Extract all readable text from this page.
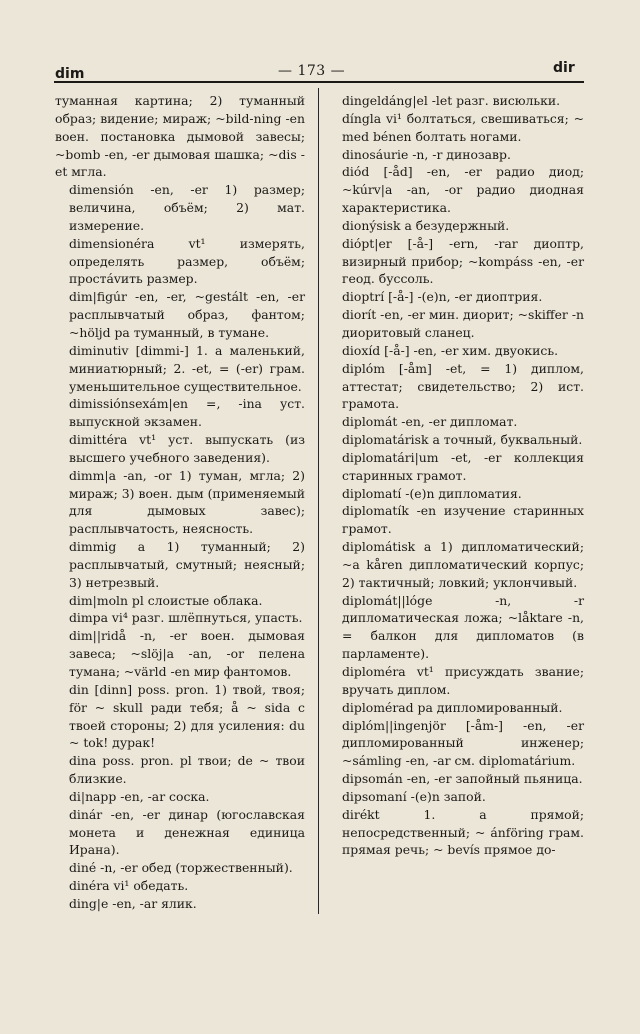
dim	— 173 —	dir
туманная картина; 2) туманный образ; видение; мираж; ~bild-ning -en воен. постановка дымовой завесы; ~bomb -en, -er дымовая шашка; ~dis -et мгла.
dimensión -en, -er 1) размер; величина, объём; 2) мат. измерение.
dimensionéra vt¹ измерять, определять размер, объём; простávить размер.
dim|figúr -en, -er, ~gestált -en, -er расплывчатый образ, фантом; ~höljd pa туманный, в тумане.
diminutiv [dimmi-] 1. a маленький, миниатюрный; 2. -et, = (-er) грам. уменьшительное существительное.
dimissiónsexám|en =, -ina уст. выпускной экзамен.
dimittéra vt¹ уст. выпускать (из высшего учебного заведения).
dimm|a -an, -or 1) туман, мгла; 2) мираж; 3) воен. дым (применяемый для дымовых завес); расплывчатость, неясность.
dimmig a 1) туманный; 2) расплывчатый, смутный; неясный; 3) нетрезвый.
dim|moln pl слоистые облака.
dimpa vi⁴ разг. шлёпнуться, упасть.
dim||ridå -n, -er воен. дымовая завеса; ~slöj|a -an, -or пелена тумана; ~värld -en мир фантомов.
din [dinn] poss. pron. 1) твой, твоя; för ~ skull ради тебя; å ~ sida с твоей стороны; 2) для усиления: du ~ tok! дурак!
dina poss. pron. pl твои; de ~ твои близкие.
di|napp -en, -ar соска.
dinár -en, -er динар (югославская монета и денежная единица Ирана).
diné -n, -er обед (торжественный).
dinéra vi¹ обедать.
ding|e -en, -ar ялик.
dingeldáng|el -let разг. висюльки.
díngla vi¹ болтаться, свешиваться; ~ med bénen болтать ногами.
dinosáurie -n, -r динозавр.
diód [-åd] -en, -er радио диод; ~kúrv|a -an, -or радио диодная характеристика.
dionýsisk a безудержный.
diópt|er [-å-] -ern, -rar диоптр, визирный прибор; ~kompáss -en, -er геод. буссоль.
dioptrí [-å-] -(e)n, -er диоптрия.
diorít -en, -er мин. диорит; ~skiffer -n диоритовый сланец.
dioxíd [-å-] -en, -er хим. двуокись.
diplóm [-åm] -et, = 1) диплом, аттестат; свидетельство; 2) ист. грамота.
diplomát -en, -er дипломат.
diplomatárisk a точный, буквальный.
diplomatári|um -et, -er коллекция старинных грамот.
diplomatí -(e)n дипломатия.
diplomatík -en изучение старинных грамот.
diplomátisk a 1) дипломатический; ~a kåren дипломатический корпус; 2) тактичный; ловкий; уклончивый.
diplomát||lóge -n, -r дипломатическая ложа; ~låktare -n, = балкон для дипломатов (в парламенте).
diploméra vt¹ присуждать звание; вручать диплом.
diplomérad pa дипломированный.
diplóm||ingenjör [-åm-] -en, -er дипломированный инженер; ~sámling -en, -ar см. diplomatárium.
dipsomán -en, -er запойный пьяница.
dipsomaní -(e)n запой.
dirékt 1. a прямой; непосредственный; ~ ánföring грам. прямая речь; ~ bevís прямое до-
